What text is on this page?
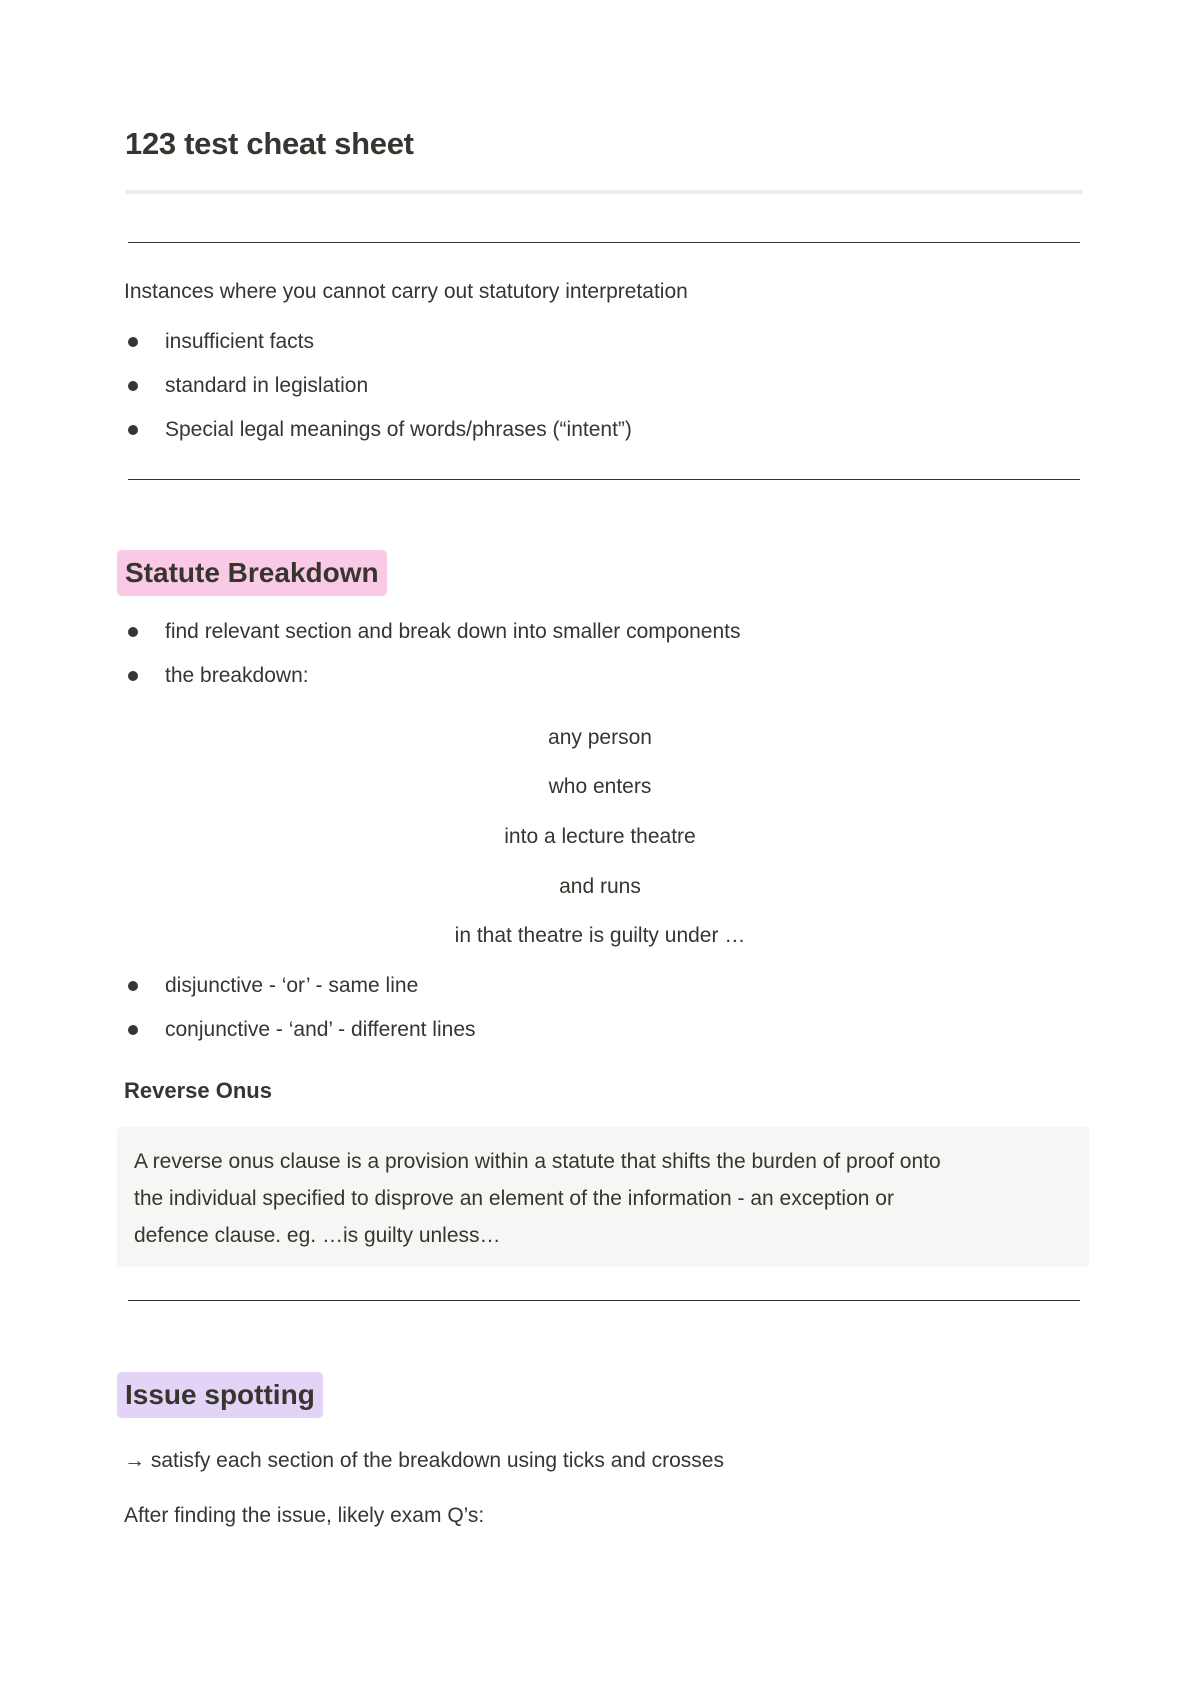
123 test cheat sheet
Instances where you cannot carry out statutory interpretation
insufficient facts
standard in legislation
Special legal meanings of words/phrases (“intent”)
Statute Breakdown
find relevant section and break down into smaller components
the breakdown:
any person
who enters
into a lecture theatre
and runs
in that theatre is guilty under …
disjunctive - ‘or’ - same line
conjunctive - ‘and’ - different lines
Reverse Onus
A reverse onus clause is a provision within a statute that shifts the burden of proof onto
the individual specified to disprove an element of the information - an exception or
defence clause. eg. …is guilty unless…
Issue spotting
→ satisfy each section of the breakdown using ticks and crosses
After finding the issue, likely exam Q’s:
